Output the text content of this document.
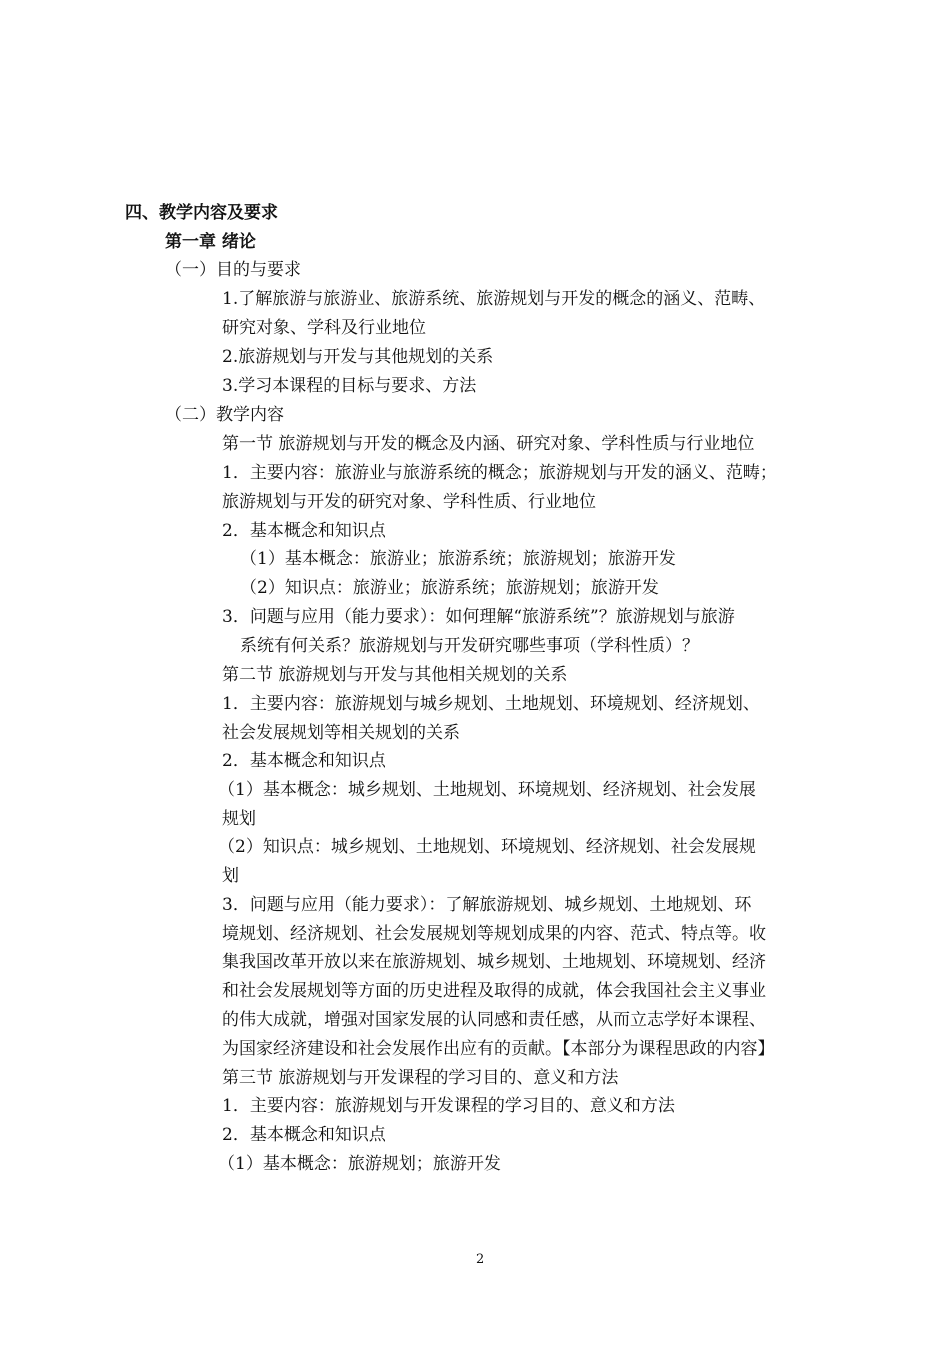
四、教学内容及要求
第一章 绪论
（一）目的与要求
1.了解旅游与旅游业、旅游系统、旅游规划与开发的概念的涵义、范畴、
研究对象、学科及行业地位
2.旅游规划与开发与其他规划的关系
3.学习本课程的目标与要求、方法
（二）教学内容
第一节 旅游规划与开发的概念及内涵、研究对象、学科性质与行业地位
1．主要内容：旅游业与旅游系统的概念；旅游规划与开发的涵义、范畴；
旅游规划与开发的研究对象、学科性质、行业地位
2．基本概念和知识点
（1）基本概念：旅游业；旅游系统；旅游规划；旅游开发
（2）知识点：旅游业；旅游系统；旅游规划；旅游开发
3．问题与应用（能力要求）：如何理解“旅游系统”？旅游规划与旅游
系统有何关系？旅游规划与开发研究哪些事项（学科性质）？
第二节 旅游规划与开发与其他相关规划的关系
1．主要内容：旅游规划与城乡规划、土地规划、环境规划、经济规划、
社会发展规划等相关规划的关系
2．基本概念和知识点
（1）基本概念：城乡规划、土地规划、环境规划、经济规划、社会发展
规划
（2）知识点：城乡规划、土地规划、环境规划、经济规划、社会发展规
划
3．问题与应用（能力要求）：了解旅游规划、城乡规划、土地规划、环
境规划、经济规划、社会发展规划等规划成果的内容、范式、特点等。收
集我国改革开放以来在旅游规划、城乡规划、土地规划、环境规划、经济
和社会发展规划等方面的历史进程及取得的成就，体会我国社会主义事业
的伟大成就，增强对国家发展的认同感和责任感，从而立志学好本课程、
为国家经济建设和社会发展作出应有的贡献。【本部分为课程思政的内容】
第三节 旅游规划与开发课程的学习目的、意义和方法
1．主要内容：旅游规划与开发课程的学习目的、意义和方法
2．基本概念和知识点
（1）基本概念：旅游规划；旅游开发
2
